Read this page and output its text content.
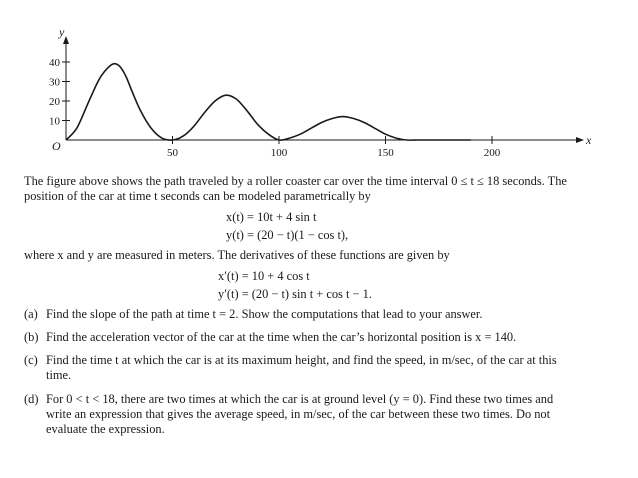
y
x
O	50	100	150	200
10
20
30
40
The figure above shows the path traveled by a roller coaster car over the time interval 0 ≤ t ≤ 18 seconds. The
position of the car at time t seconds can be modeled parametrically by
x(t) = 10t + 4 sin t
y(t) = (20 − t)(1 − cos t),
where x and y are measured in meters. The derivatives of these functions are given by
x′(t) = 10 + 4 cos t
y′(t) = (20 − t) sin t + cos t − 1.
(a) Find the slope of the path at time t = 2. Show the computations that lead to your answer.
(b) Find the acceleration vector of the car at the time when the car’s horizontal position is x = 140.
(c) Find the time t at which the car is at its maximum height, and find the speed, in m/sec, of the car at this
time.
(d) For 0 < t < 18, there are two times at which the car is at ground level (y = 0). Find these two times and
write an expression that gives the average speed, in m/sec, of the car between these two times. Do not
evaluate the expression.
